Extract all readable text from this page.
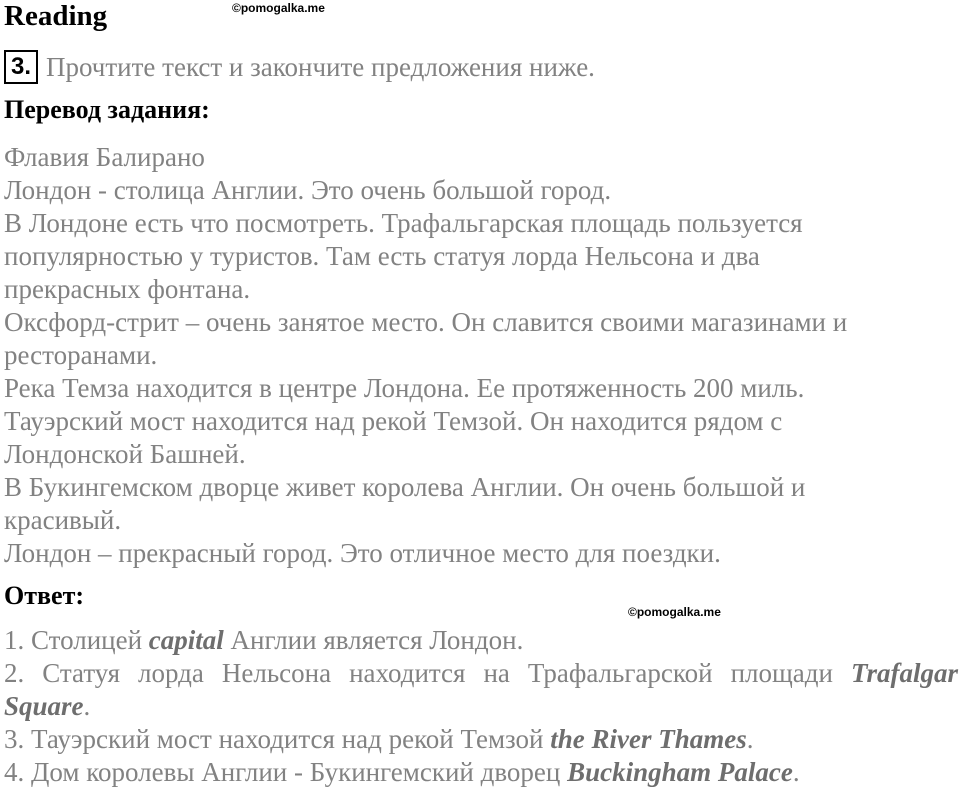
Reading	©pomogalka.me
3. Прочтите текст и закончите предложения ниже.
Перевод задания:
Флавия Балирано
Лондон - столица Англии. Это очень большой город.
В Лондоне есть что посмотреть. Трафальгарская площадь пользуется
популярностью у туристов. Там есть статуя лорда Нельсона и два
прекрасных фонтана.
Оксфорд-стрит – очень занятое место. Он славится своими магазинами и
ресторанами.
Река Темза находится в центре Лондона. Ее протяженность 200 миль.
Тауэрский мост находится над рекой Темзой. Он находится рядом с
Лондонской Башней.
В Букингемском дворце живет королева Англии. Он очень большой и
красивый.
Лондон – прекрасный город. Это отличное место для поездки.
Ответ:
©pomogalka.me
1. Столицей capital Англии является Лондон.
2. Статуя лорда Нельсона находится на Трафальгарской площади Trafalgar Square.
3. Тауэрский мост находится над рекой Темзой the River Thames.
4. Дом королевы Англии - Букингемский дворец Buckingham Palace.
